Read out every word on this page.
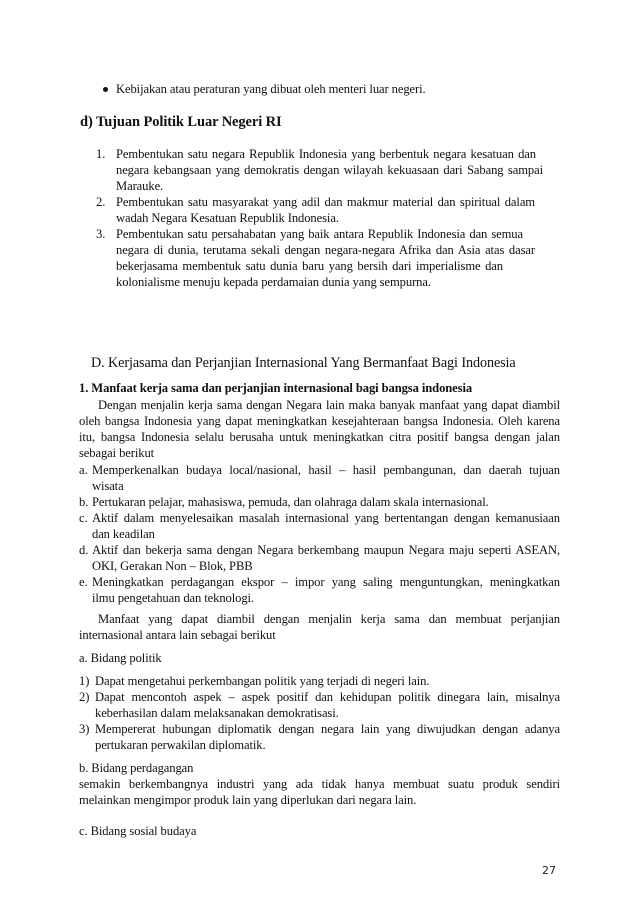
Kebijakan atau peraturan yang dibuat oleh menteri luar negeri.
d) Tujuan Politik Luar Negeri RI
1. Pembentukan satu negara Republik Indonesia yang berbentuk negara kesatuan dan
negara kebangsaan yang demokratis dengan wilayah kekuasaan dari Sabang sampai
Marauke.
2. Pembentukan satu masyarakat yang adil dan makmur material dan spiritual dalam
wadah Negara Kesatuan Republik Indonesia.
3. Pembentukan satu persahabatan yang baik antara Republik Indonesia dan semua
negara di dunia, terutama sekali dengan negara-negara Afrika dan Asia atas dasar
bekerjasama membentuk satu dunia baru yang bersih dari imperialisme dan
kolonialisme menuju kepada perdamaian dunia yang sempurna.
D. Kerjasama dan Perjanjian Internasional Yang Bermanfaat Bagi Indonesia
1. Manfaat kerja sama dan perjanjian internasional bagi bangsa indonesia
Dengan menjalin kerja sama dengan Negara lain maka banyak manfaat yang dapat diambil
oleh bangsa Indonesia yang dapat meningkatkan kesejahteraan bangsa Indonesia. Oleh karena
itu, bangsa Indonesia selalu berusaha untuk meningkatkan citra positif bangsa dengan jalan
sebagai berikut
a. Memperkenalkan budaya local/nasional, hasil – hasil pembangunan, dan daerah tujuan
wisata
b. Pertukaran pelajar, mahasiswa, pemuda, dan olahraga dalam skala internasional.
c. Aktif dalam menyelesaikan masalah internasional yang bertentangan dengan kemanusiaan
dan keadilan
d. Aktif dan bekerja sama dengan Negara berkembang maupun Negara maju seperti ASEAN,
OKI, Gerakan Non – Blok, PBB
e. Meningkatkan perdagangan ekspor – impor yang saling menguntungkan, meningkatkan
ilmu pengetahuan dan teknologi.
Manfaat yang dapat diambil dengan menjalin kerja sama dan membuat perjanjian
internasional antara lain sebagai berikut
a. Bidang politik
1) Dapat mengetahui perkembangan politik yang terjadi di negeri lain.
2) Dapat mencontoh aspek – aspek positif dan kehidupan politik dinegara lain, misalnya
keberhasilan dalam melaksanakan demokratisasi.
3) Mempererat hubungan diplomatik dengan negara lain yang diwujudkan dengan adanya
pertukaran perwakilan diplomatik.
b. Bidang perdagangan
semakin berkembangnya industri yang ada tidak hanya membuat suatu produk sendiri
melainkan mengimpor produk lain yang diperlukan dari negara lain.
c. Bidang sosial budaya
27
